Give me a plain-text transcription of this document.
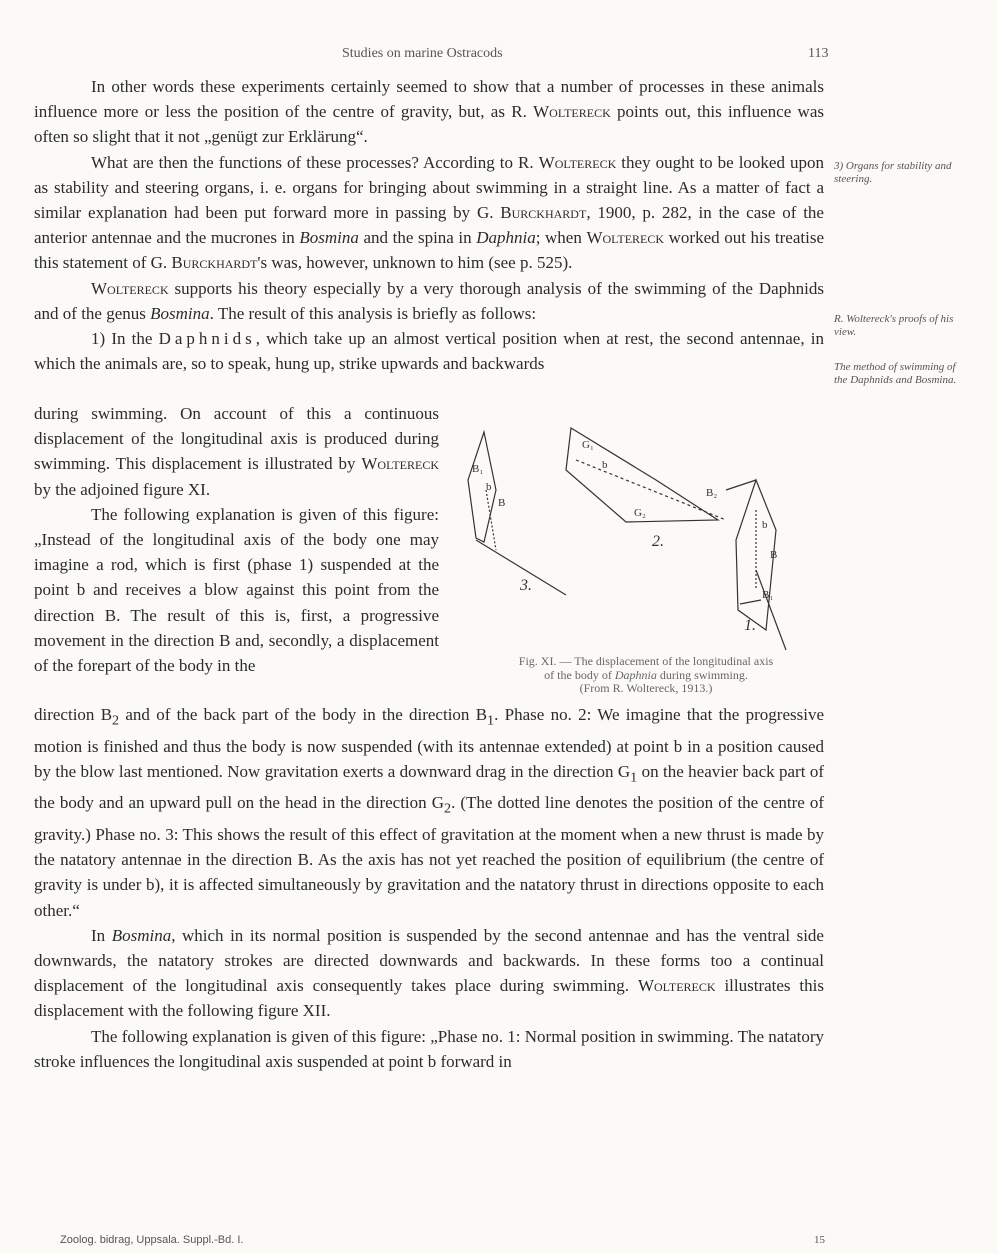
Studies on marine Ostracods	113

In other words these experiments certainly seemed to show that a number of processes in these animals influence more or less the position of the centre of gravity, but, as R. Woltereck points out, this influence was often so slight that it not „genügt zur Erklärung“.

What are then the functions of these processes? According to R. Woltereck they ought to be looked upon as stability and steering organs, i. e. organs for bringing about swimming in a straight line. As a matter of fact a similar explanation had been put forward more in passing by G. Burckhardt, 1900, p. 282, in the case of the anterior antennae and the mucrones in Bosmina and the spina in Daphnia; when Woltereck worked out his treatise this statement of G. Burckhardt's was, however, unknown to him (see p. 525).

Woltereck supports his theory especially by a very thorough analysis of the swimming of the Daphnids and of the genus Bosmina. The result of this analysis is briefly as follows:

1) In the Daphnids, which take up an almost vertical position when at rest, the second antennae, in which the animals are, so to speak, hung up, strike upwards and backwards

3) Organs for stability and steering.
R. Woltereck's proofs of his view.
The method of swimming of the Daphnids and Bosmina.

during swimming. On account of this a continuous displacement of the longitudinal axis is produced during swimming. This displacement is illustrated by Woltereck by the adjoined figure XI.

The following explanation is given of this figure: „Instead of the longitudinal axis of the body one may imagine a rod, which is first (phase 1) suspended at the point b and receives a blow against this point from the direction B. The result of this is, first, a progressive movement in the direction B and, secondly, a displacement of the forepart of the body in the

B₁
b
B
G₁
b
G₂
B₂
b
B
B₁
3.
2.
1.
Fig. XI. — The displacement of the longitudinal axis
of the body of Daphnia during swimming.
(From R. Woltereck, 1913.)

direction $B_2$ and of the back part of the body in the direction $B_1$. Phase no. 2: We imagine that the progressive motion is finished and thus the body is now suspended (with its antennae extended) at point b in a position caused by the blow last mentioned. Now gravitation exerts a downward drag in the direction $G_1$ on the heavier back part of the body and an upward pull on the head in the direction $G_2$. (The dotted line denotes the position of the centre of gravity.) Phase no. 3: This shows the result of this effect of gravitation at the moment when a new thrust is made by the natatory antennae in the direction B. As the axis has not yet reached the position of equilibrium (the centre of gravity is under b), it is affected simultaneously by gravitation and the natatory thrust in directions opposite to each other.“

In Bosmina, which in its normal position is suspended by the second antennae and has the ventral side downwards, the natatory strokes are directed downwards and backwards. In these forms too a continual displacement of the longitudinal axis consequently takes place during swimming. Woltereck illustrates this displacement with the following figure XII.

The following explanation is given of this figure: „Phase no. 1: Normal position in swimming. The natatory stroke influences the longitudinal axis suspended at point b forward in

Zoolog. bidrag, Uppsala. Suppl.-Bd. I.	15
